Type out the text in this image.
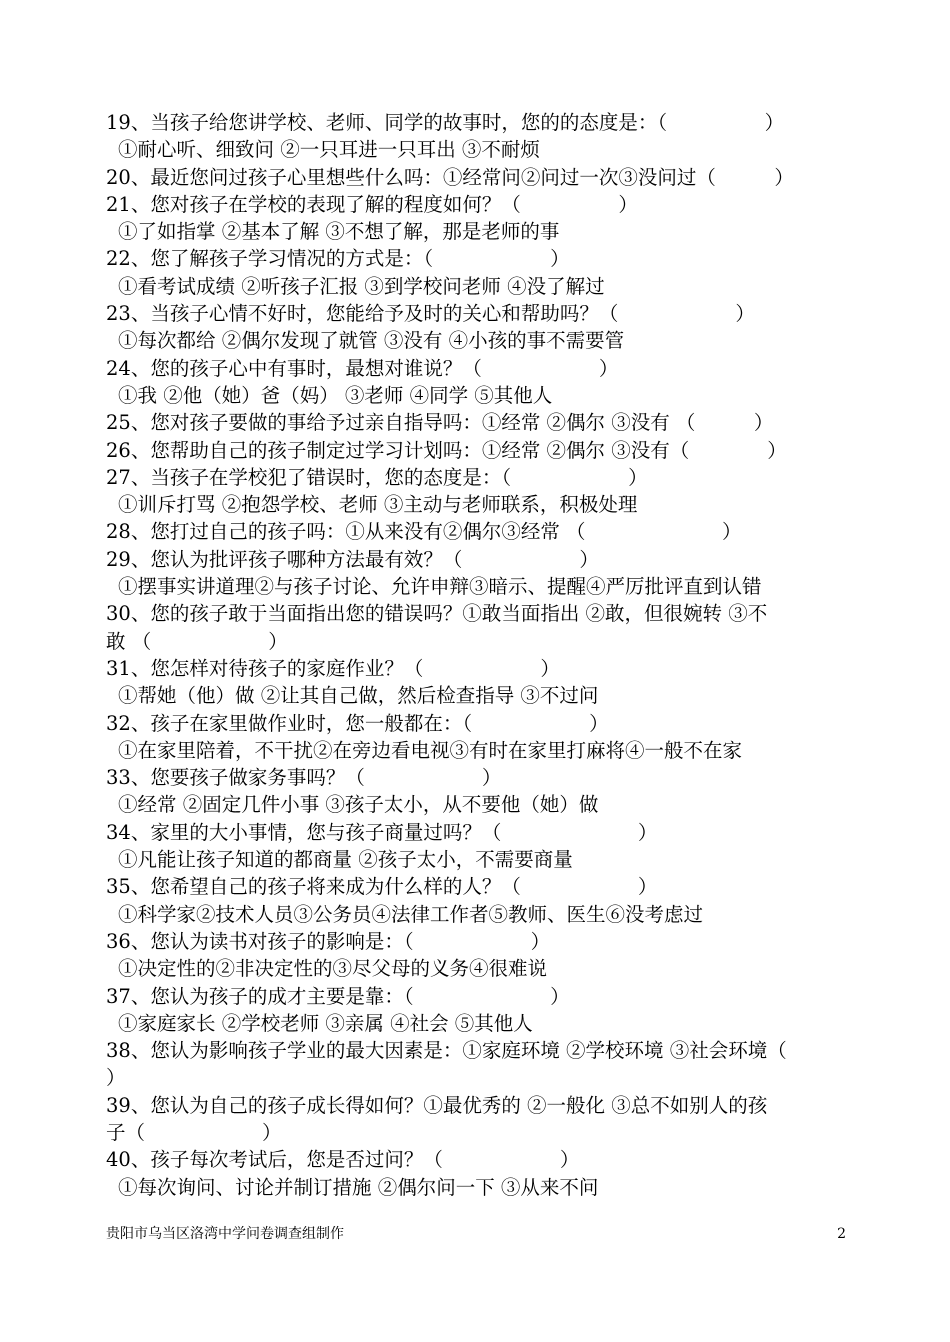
19、当孩子给您讲学校、老师、同学的故事时，您的的态度是：（　　　　　）
①耐心听、细致问 ②一只耳进一只耳出 ③不耐烦
20、最近您问过孩子心里想些什么吗：①经常问②问过一次③没问过（　　　）
21、您对孩子在学校的表现了解的程度如何？（　　　　　）
①了如指掌 ②基本了解 ③不想了解，那是老师的事
22、您了解孩子学习情况的方式是：（　　　　　　）
①看考试成绩 ②听孩子汇报 ③到学校问老师 ④没了解过
23、当孩子心情不好时，您能给予及时的关心和帮助吗？（　　　　　　）
①每次都给 ②偶尔发现了就管 ③没有 ④小孩的事不需要管
24、您的孩子心中有事时，最想对谁说？（　　　　　　）
①我 ②他（她）爸（妈） ③老师 ④同学 ⑤其他人
25、您对孩子要做的事给予过亲自指导吗：①经常 ②偶尔 ③没有 （　　　）
26、您帮助自己的孩子制定过学习计划吗：①经常 ②偶尔 ③没有（　　　　）
27、当孩子在学校犯了错误时，您的态度是：（　　　　　　）
①训斥打骂 ②抱怨学校、老师 ③主动与老师联系，积极处理
28、您打过自己的孩子吗：①从来没有②偶尔③经常 （　　　　　　　）
29、您认为批评孩子哪种方法最有效？（　　　　　　）
①摆事实讲道理②与孩子讨论、允许申辩③暗示、提醒④严厉批评直到认错
30、您的孩子敢于当面指出您的错误吗？①敢当面指出 ②敢，但很婉转 ③不
敢 （　　　　　　）
31、您怎样对待孩子的家庭作业？（　　　　　　）
①帮她（他）做 ②让其自己做，然后检查指导 ③不过问
32、孩子在家里做作业时，您一般都在：（　　　　　　）
①在家里陪着，不干扰②在旁边看电视③有时在家里打麻将④一般不在家
33、您要孩子做家务事吗？（　　　　　　）
①经常 ②固定几件小事 ③孩子太小，从不要他（她）做
34、家里的大小事情，您与孩子商量过吗？（　　　　　　　）
①凡能让孩子知道的都商量 ②孩子太小，不需要商量
35、您希望自己的孩子将来成为什么样的人？（　　　　　　）
①科学家②技术人员③公务员④法律工作者⑤教师、医生⑥没考虑过
36、您认为读书对孩子的影响是：（　　　　　　）
①决定性的②非决定性的③尽父母的义务④很难说
37、您认为孩子的成才主要是靠：（　　　　　　　）
①家庭家长 ②学校老师 ③亲属 ④社会 ⑤其他人
38、您认为影响孩子学业的最大因素是：①家庭环境 ②学校环境 ③社会环境（
）
39、您认为自己的孩子成长得如何？①最优秀的 ②一般化 ③总不如别人的孩
子（　　　　　　）
40、孩子每次考试后，您是否过问？（　　　　　　）
①每次询问、讨论并制订措施 ②偶尔问一下 ③从来不问
贵阳市乌当区洛湾中学问卷调查组制作	2
